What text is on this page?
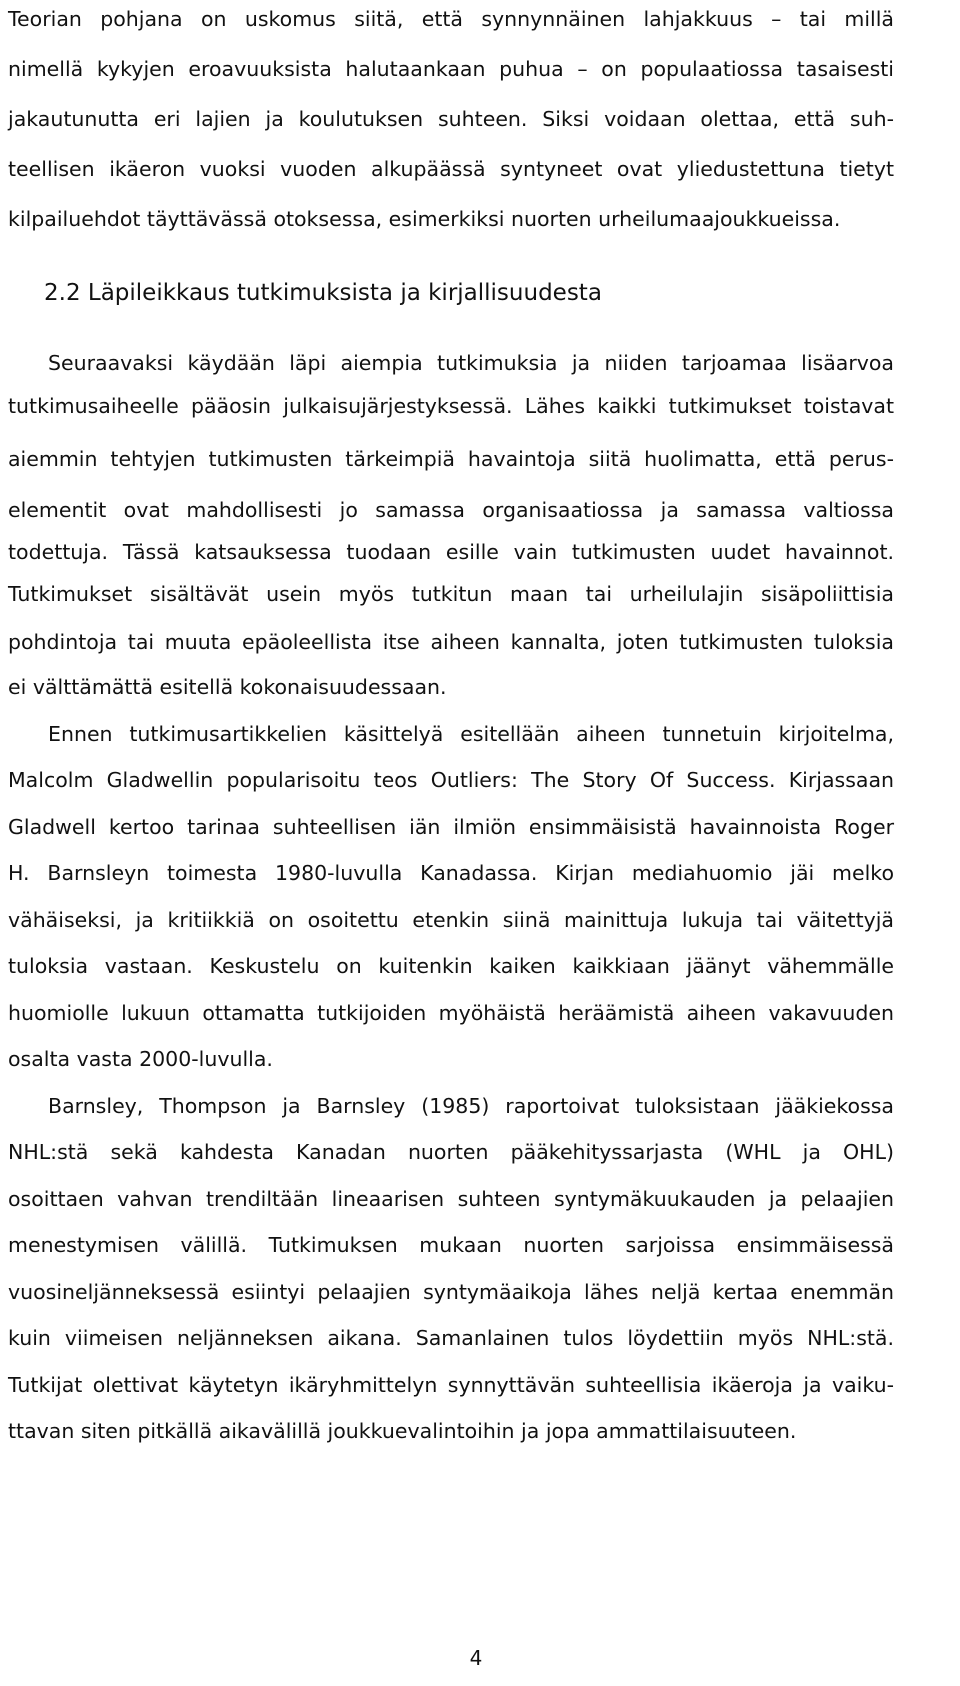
Teorian pohjana on uskomus siitä, että synnynnäinen lahjakkuus – tai millä
nimellä kykyjen eroavuuksista halutaankaan puhua – on populaatiossa tasaisesti
jakautunutta eri lajien ja koulutuksen suhteen. Siksi voidaan olettaa, että suh-
teellisen ikäeron vuoksi vuoden alkupäässä syntyneet ovat yliedustettuna tietyt
kilpailuehdot täyttävässä otoksessa, esimerkiksi nuorten urheilumaajoukkueissa.
2.2 Läpileikkaus tutkimuksista ja kirjallisuudesta
Seuraavaksi käydään läpi aiempia tutkimuksia ja niiden tarjoamaa lisäarvoa
tutkimusaiheelle pääosin julkaisujärjestyksessä. Lähes kaikki tutkimukset toistavat
aiemmin tehtyjen tutkimusten tärkeimpiä havaintoja siitä huolimatta, että perus-
elementit ovat mahdollisesti jo samassa organisaatiossa ja samassa valtiossa
todettuja. Tässä katsauksessa tuodaan esille vain tutkimusten uudet havainnot.
Tutkimukset sisältävät usein myös tutkitun maan tai urheilulajin sisäpoliittisia
pohdintoja tai muuta epäoleellista itse aiheen kannalta, joten tutkimusten tuloksia
ei välttämättä esitellä kokonaisuudessaan.
Ennen tutkimusartikkelien käsittelyä esitellään aiheen tunnetuin kirjoitelma,
Malcolm Gladwellin popularisoitu teos Outliers: The Story Of Success. Kirjassaan
Gladwell kertoo tarinaa suhteellisen iän ilmiön ensimmäisistä havainnoista Roger
H. Barnsleyn toimesta 1980-luvulla Kanadassa. Kirjan mediahuomio jäi melko
vähäiseksi, ja kritiikkiä on osoitettu etenkin siinä mainittuja lukuja tai väitettyjä
tuloksia vastaan. Keskustelu on kuitenkin kaiken kaikkiaan jäänyt vähemmälle
huomiolle lukuun ottamatta tutkijoiden myöhäistä heräämistä aiheen vakavuuden
osalta vasta 2000-luvulla.
Barnsley, Thompson ja Barnsley (1985) raportoivat tuloksistaan jääkiekossa
NHL:stä sekä kahdesta Kanadan nuorten pääkehityssarjasta (WHL ja OHL)
osoittaen vahvan trendiltään lineaarisen suhteen syntymäkuukauden ja pelaajien
menestymisen välillä. Tutkimuksen mukaan nuorten sarjoissa ensimmäisessä
vuosineljänneksessä esiintyi pelaajien syntymäaikoja lähes neljä kertaa enemmän
kuin viimeisen neljänneksen aikana. Samanlainen tulos löydettiin myös NHL:stä.
Tutkijat olettivat käytetyn ikäryhmittelyn synnyttävän suhteellisia ikäeroja ja vaiku-
ttavan siten pitkällä aikavälillä joukkuevalintoihin ja jopa ammattilaisuuteen.
4
